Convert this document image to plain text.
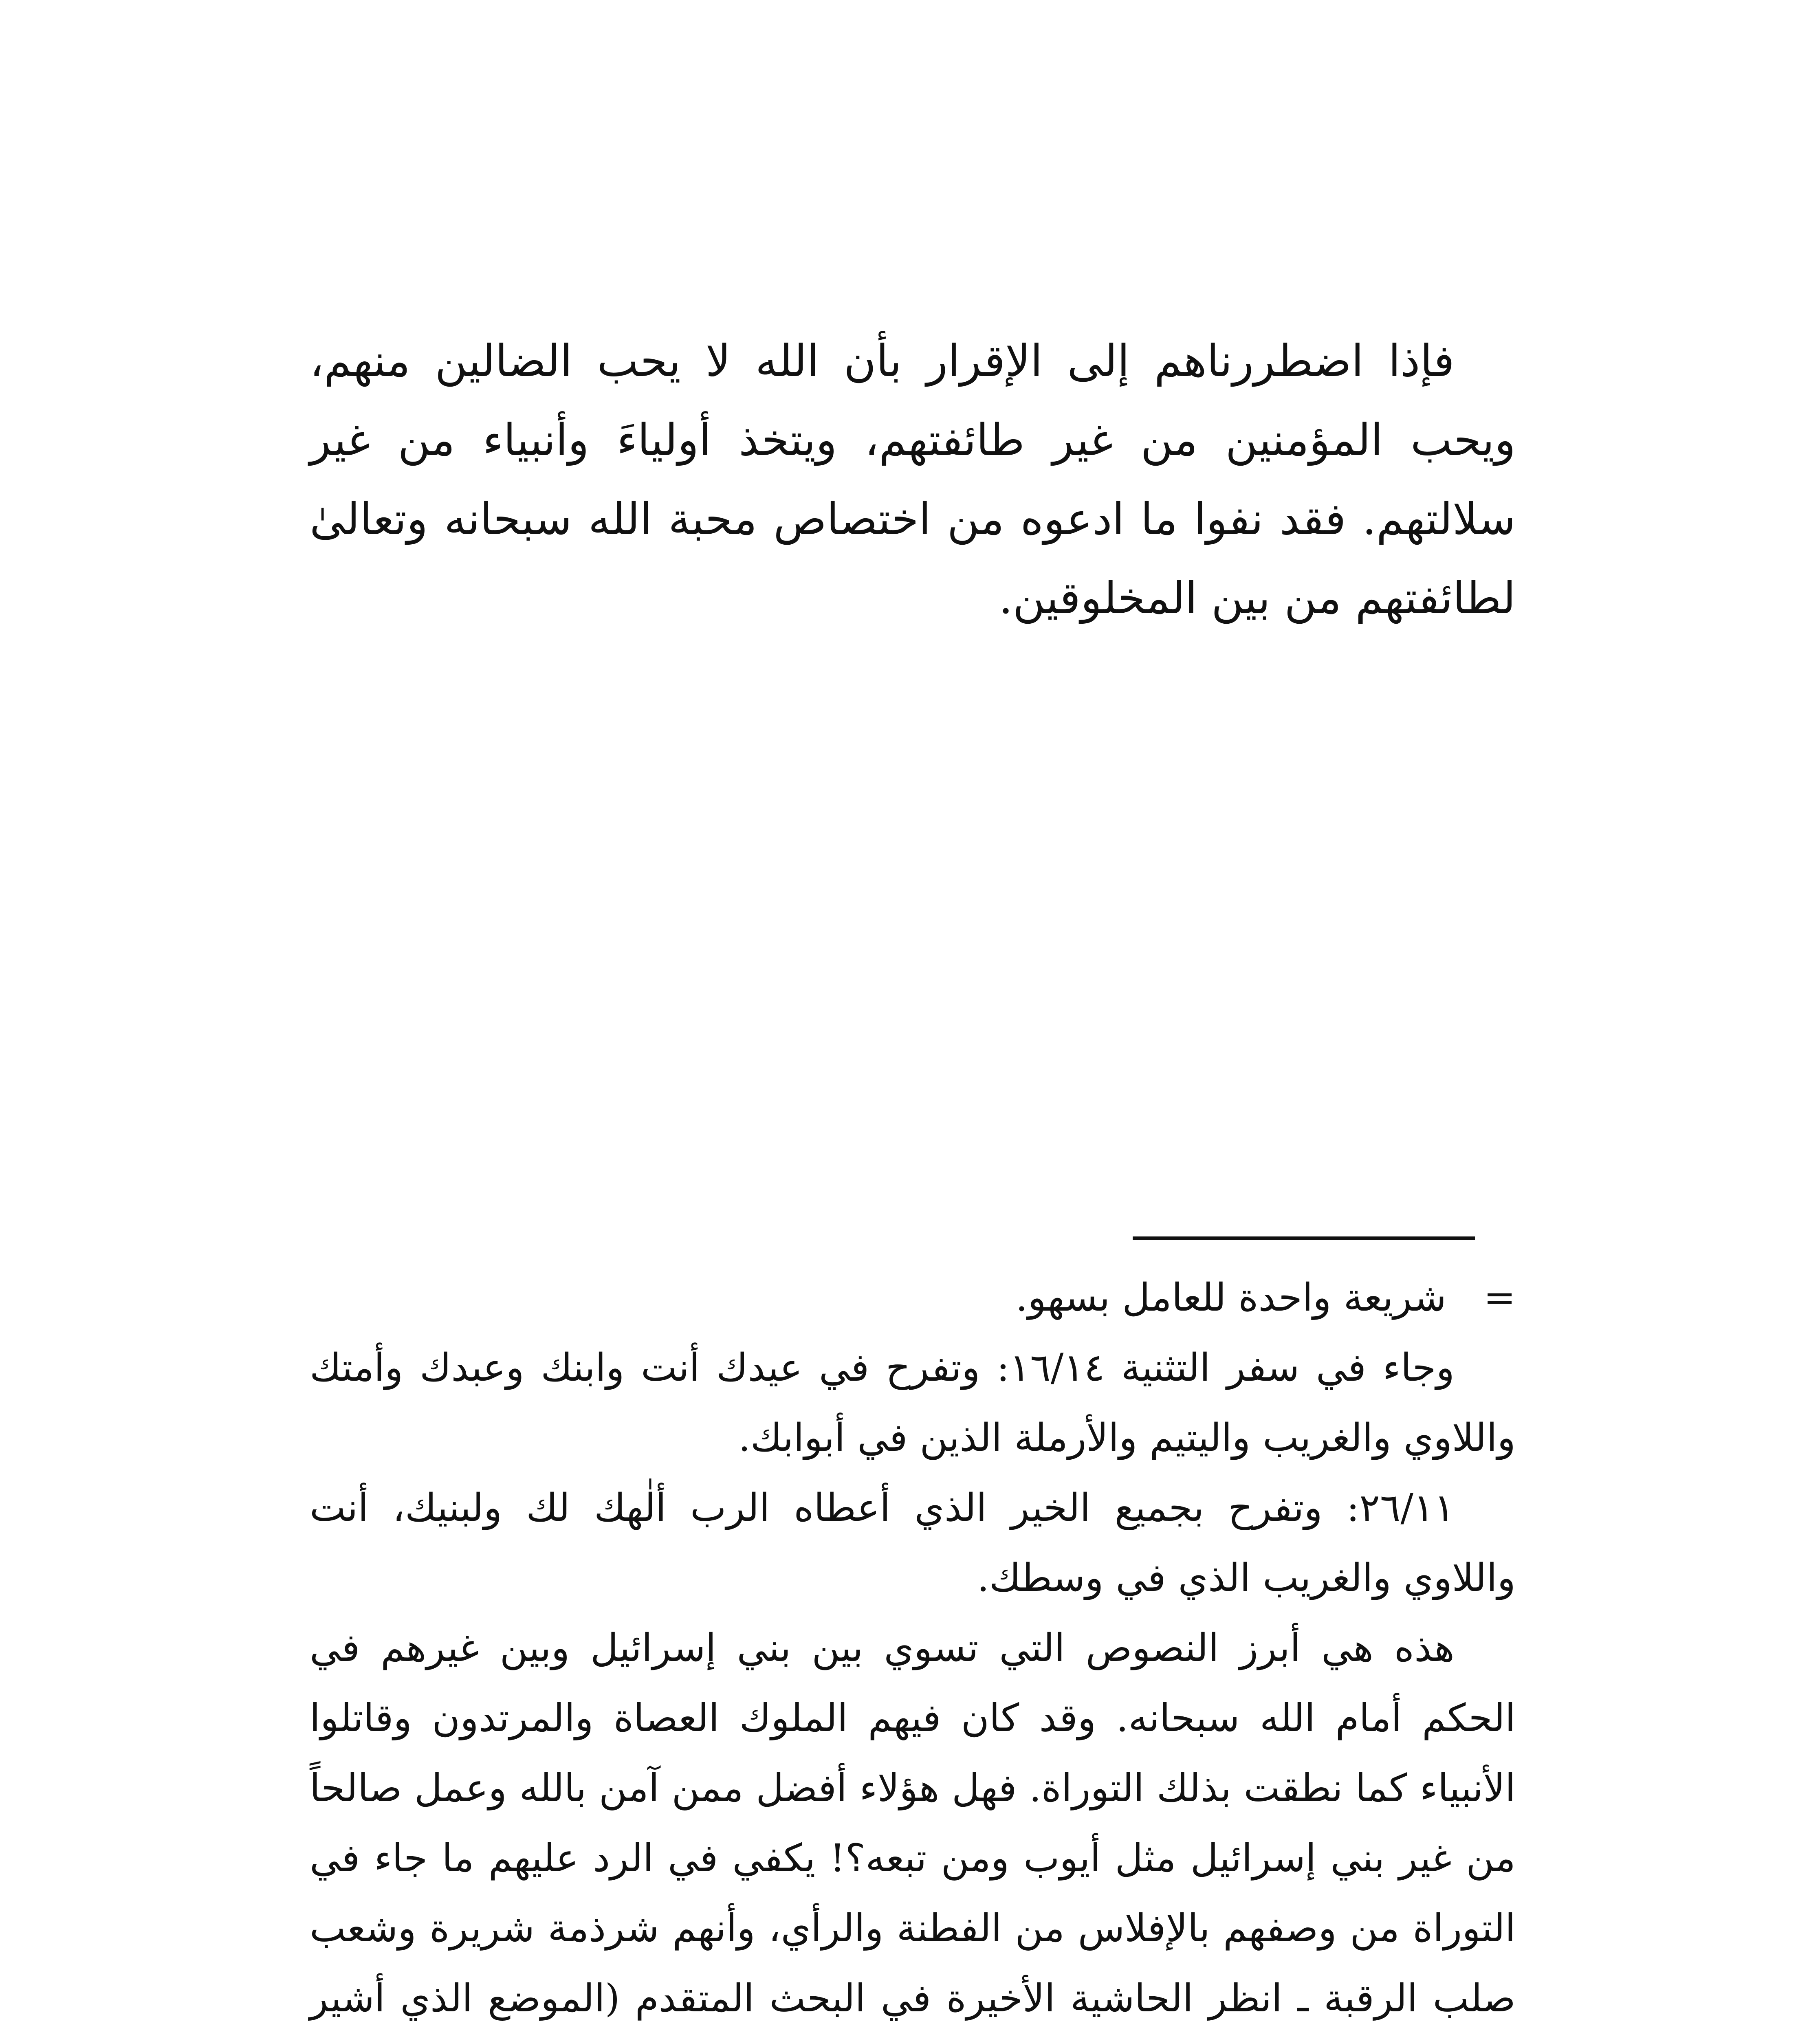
فإذا اضطررناهم إلى الإقرار بأن الله لا يحب الضالين منهم، ويحب المؤمنين من غير طائفتهم، ويتخذ أولياءَ وأنبياء من غير سلالتهم. فقد نفوا ما ادعوه من اختصاص محبة الله سبحانه وتعالىٰ لطائفتهم من بين المخلوقين.

=
شريعة واحدة للعامل بسهو.

وجاء في سفر التثنية ١٦/١٤: وتفرح في عيدك أنت وابنك وعبدك وأمتك واللاوي والغريب واليتيم والأرملة الذين في أبوابك.

٢٦/١١: وتفرح بجميع الخير الذي أعطاه الرب ألٰهك لك ولبنيك، أنت واللاوي والغريب الذي في وسطك.

هذه هي أبرز النصوص التي تسوي بين بني إسرائيل وبين غيرهم في الحكم أمام الله سبحانه. وقد كان فيهم الملوك العصاة والمرتدون وقاتلوا الأنبياء كما نطقت بذلك التوراة. فهل هؤلاء أفضل ممن آمن بالله وعمل صالحاً من غير بني إسرائيل مثل أيوب ومن تبعه؟! يكفي في الرد عليهم ما جاء في التوراة من وصفهم بالإفلاس من الفطنة والرأي، وأنهم شرذمة شريرة وشعب صلب الرقبة ـ انظر الحاشية الأخيرة في البحث المتقدم (الموضع الذي أشير
